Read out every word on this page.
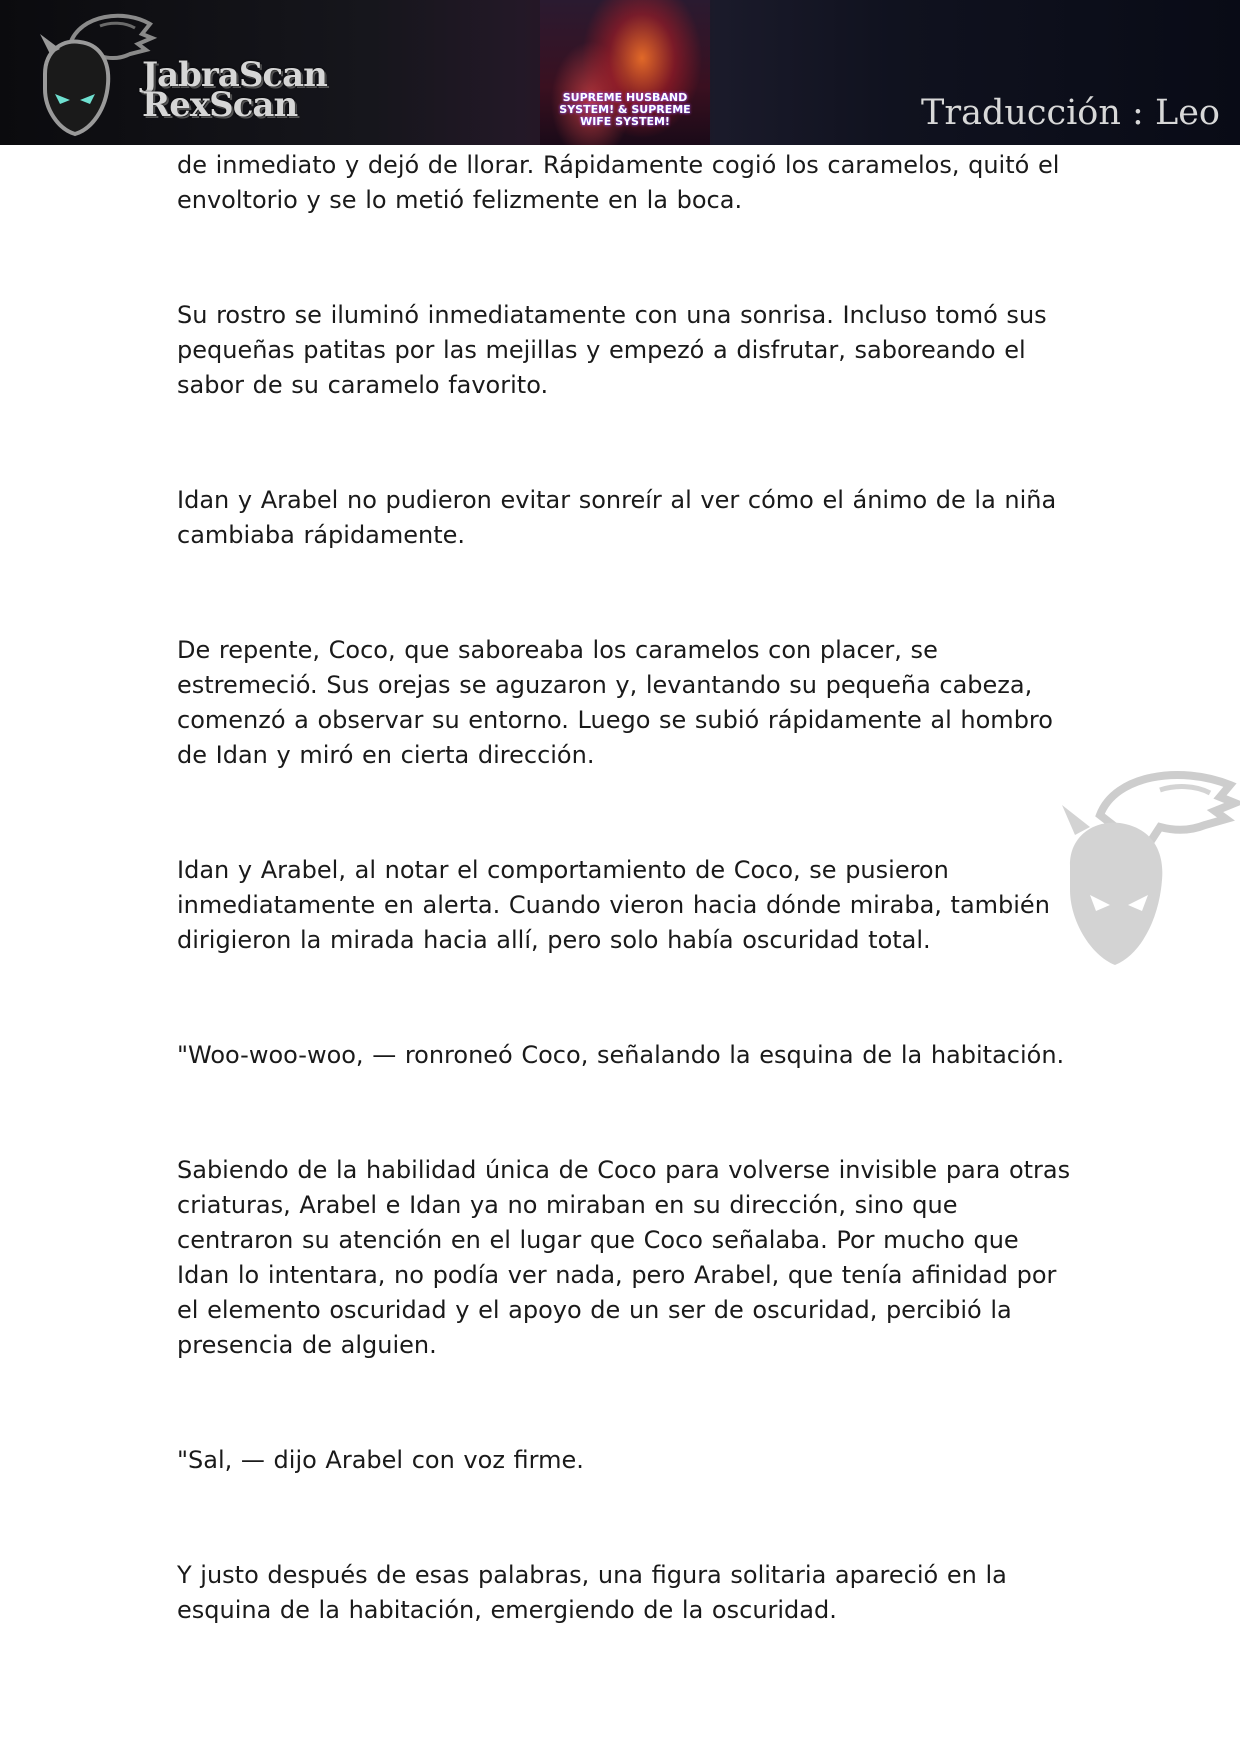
JabraScan
RexScan	SUPREME HUSBAND
SYSTEM! & SUPREME
WIFE SYSTEM!	Traducción : Leo

de inmediato y dejó de llorar. Rápidamente cogió los caramelos, quitó el envoltorio y se lo metió felizmente en la boca.

Su rostro se iluminó inmediatamente con una sonrisa. Incluso tomó sus pequeñas patitas por las mejillas y empezó a disfrutar, saboreando el sabor de su caramelo favorito.

Idan y Arabel no pudieron evitar sonreír al ver cómo el ánimo de la niña cambiaba rápidamente.

De repente, Coco, que saboreaba los caramelos con placer, se estremeció. Sus orejas se aguzaron y, levantando su pequeña cabeza, comenzó a observar su entorno. Luego se subió rápidamente al hombro de Idan y miró en cierta dirección.

Idan y Arabel, al notar el comportamiento de Coco, se pusieron inmediatamente en alerta. Cuando vieron hacia dónde miraba, también dirigieron la mirada hacia allí, pero solo había oscuridad total.

"Woo-woo-woo, — ronroneó Coco, señalando la esquina de la habitación.

Sabiendo de la habilidad única de Coco para volverse invisible para otras criaturas, Arabel e Idan ya no miraban en su dirección, sino que centraron su atención en el lugar que Coco señalaba. Por mucho que Idan lo intentara, no podía ver nada, pero Arabel, que tenía afinidad por el elemento oscuridad y el apoyo de un ser de oscuridad, percibió la presencia de alguien.

"Sal, — dijo Arabel con voz firme.

Y justo después de esas palabras, una figura solitaria apareció en la esquina de la habitación, emergiendo de la oscuridad.
